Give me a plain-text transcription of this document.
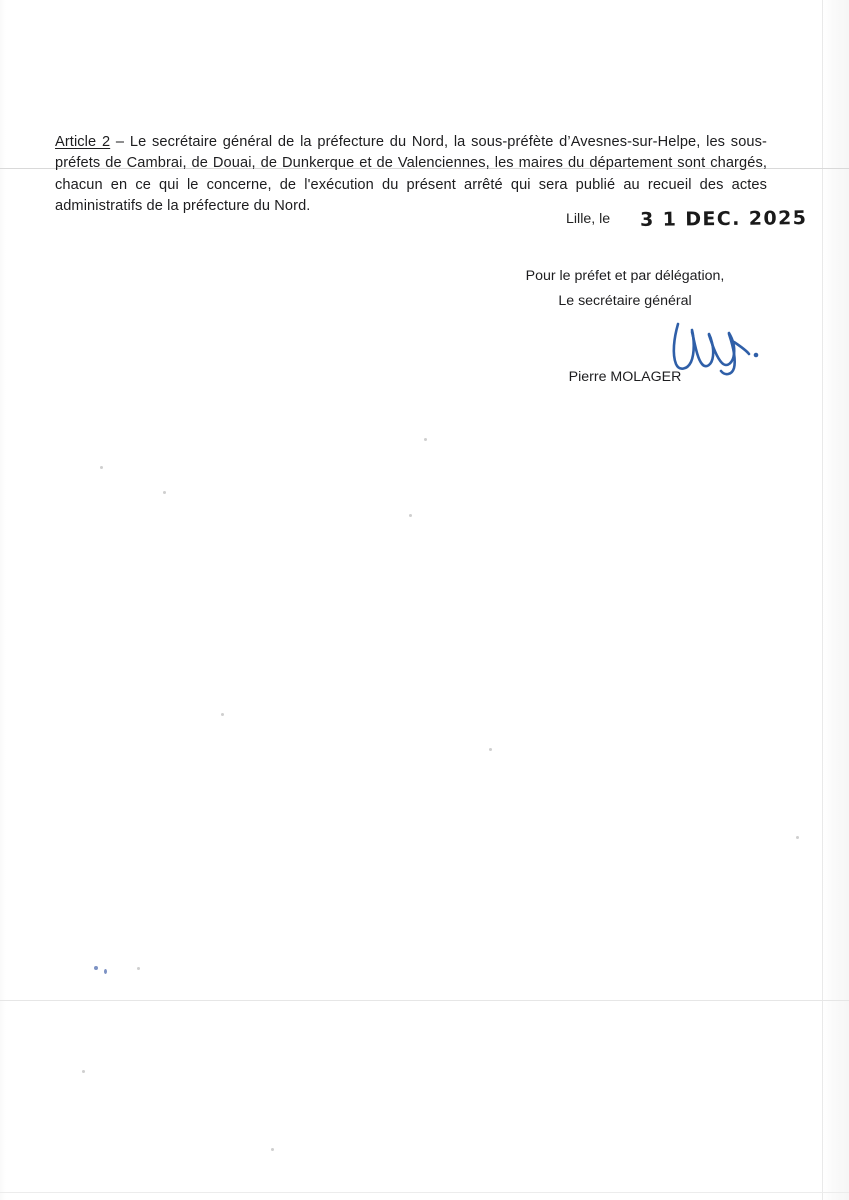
Article 2 – Le secrétaire général de la préfecture du Nord, la sous-préfète d’Avesnes-sur-Helpe, les sous-préfets de Cambrai, de Douai, de Dunkerque et de Valenciennes, les maires du département sont chargés, chacun en ce qui le concerne, de l'exécution du présent arrêté qui sera publié au recueil des actes administratifs de la préfecture du Nord.

Lille, le 3 1 DEC. 2025
Pour le préfet et par délégation,
Le secrétaire général
Pierre MOLAGER
